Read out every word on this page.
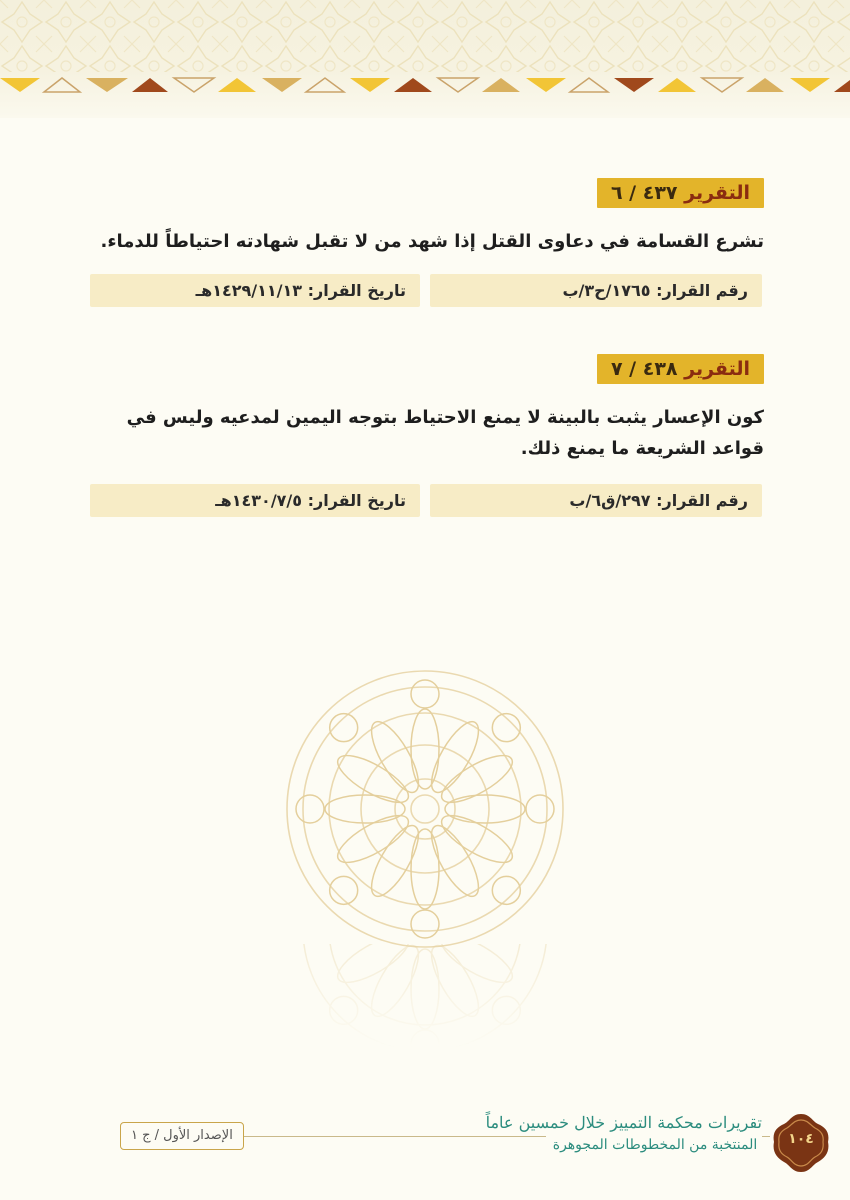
التقرير ٤٣٧ / ٦
تشرع القسامة في دعاوى القتل إذا شهد من لا تقبل شهادته احتياطاً للدماء.
رقم القرار: ١٧٦٥/ح٣/ب
تاريخ القرار: ١٤٢٩/١١/١٣هـ
التقرير ٤٣٨ / ٧
كون الإعسار يثبت بالبينة لا يمنع الاحتياط بتوجه اليمين لمدعيه وليس في قواعد الشريعة ما يمنع ذلك.
رقم القرار: ٢٩٧/ق٦/ب
تاريخ القرار: ١٤٣٠/٧/٥هـ
الإصدار الأول / ج ١
تقريرات محكمة التمييز خلال خمسين عاماً
المنتخبة من المخطوطات المجوهرة	١٠٤
